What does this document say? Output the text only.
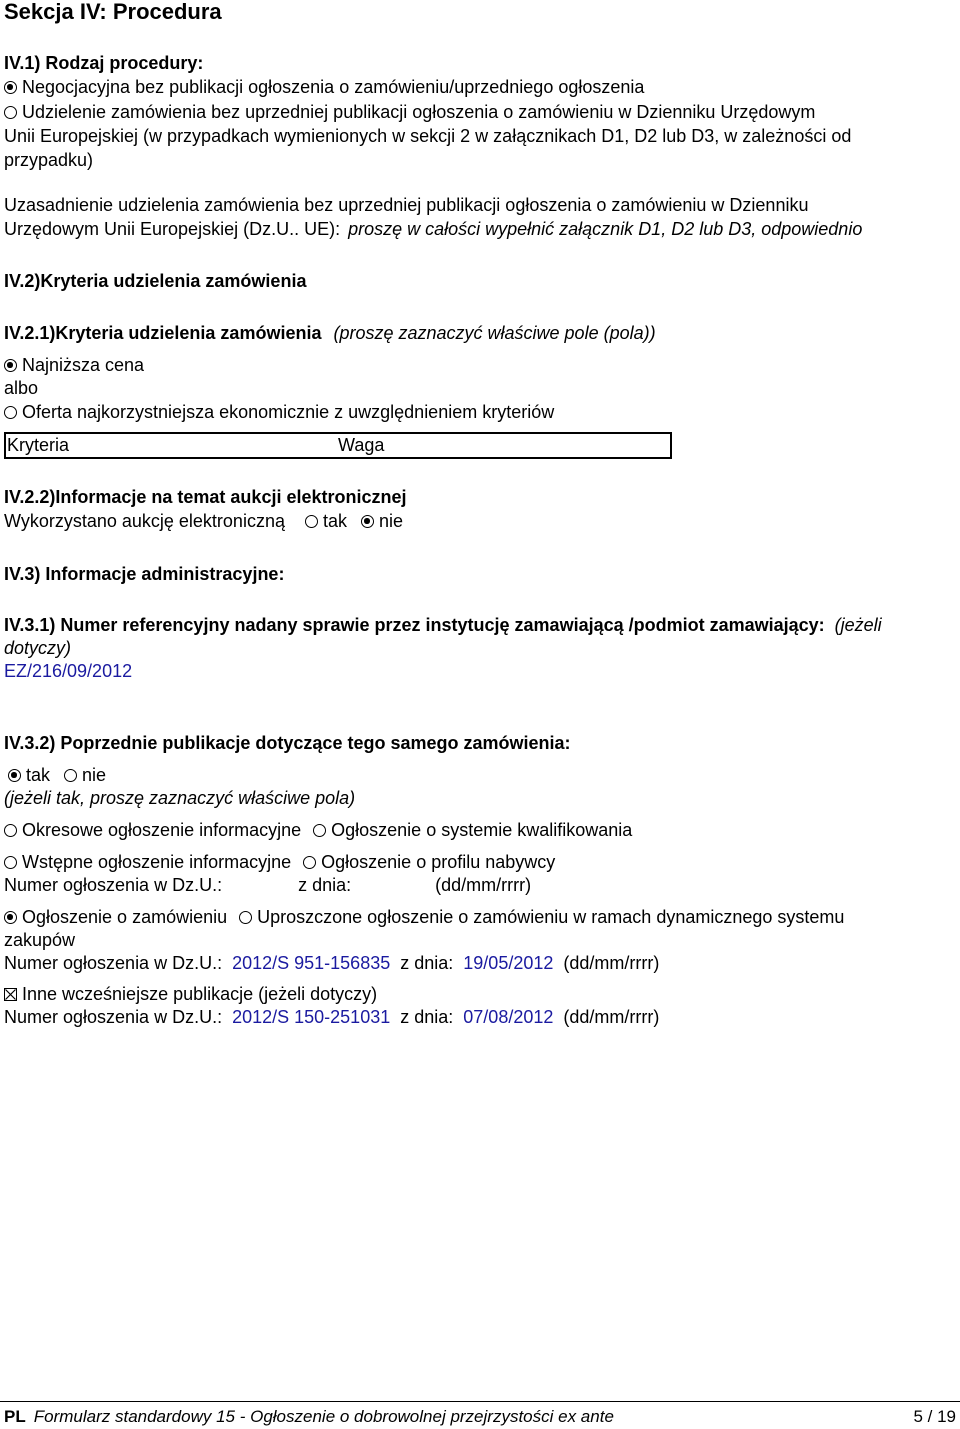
Sekcja IV: Procedura
IV.1) Rodzaj procedury:
Negocjacyjna bez publikacji ogłoszenia o zamówieniu/uprzedniego ogłoszenia
Udzielenie zamówienia bez uprzedniej publikacji ogłoszenia o zamówieniu w Dzienniku Urzędowym
Unii Europejskiej (w przypadkach wymienionych w sekcji 2 w załącznikach D1, D2 lub D3, w zależności od
przypadku)
Uzasadnienie udzielenia zamówienia bez uprzedniej publikacji ogłoszenia o zamówieniu w Dzienniku
Urzędowym Unii Europejskiej (Dz.U.. UE): proszę w całości wypełnić załącznik D1, D2 lub D3, odpowiednio
IV.2)Kryteria udzielenia zamówienia
IV.2.1)Kryteria udzielenia zamówienia (proszę zaznaczyć właściwe pole (pola))
Najniższa cena
albo
Oferta najkorzystniejsza ekonomicznie z uwzględnieniem kryteriów
Kryteria	Waga
IV.2.2)Informacje na temat aukcji elektronicznej
Wykorzystano aukcję elektroniczną tak nie
IV.3) Informacje administracyjne:
IV.3.1) Numer referencyjny nadany sprawie przez instytucję zamawiającą /podmiot zamawiający: (jeżeli
dotyczy)
EZ/216/09/2012
IV.3.2) Poprzednie publikacje dotyczące tego samego zamówienia:
tak nie
(jeżeli tak, proszę zaznaczyć właściwe pola)
Okresowe ogłoszenie informacyjne Ogłoszenie o systemie kwalifikowania
Wstępne ogłoszenie informacyjne Ogłoszenie o profilu nabywcy
Numer ogłoszenia w Dz.U.:	z dnia:	(dd/mm/rrrr)
Ogłoszenie o zamówieniu Uproszczone ogłoszenie o zamówieniu w ramach dynamicznego systemu
zakupów
Numer ogłoszenia w Dz.U.: 2012/S 951-156835 z dnia: 19/05/2012 (dd/mm/rrrr)
Inne wcześniejsze publikacje (jeżeli dotyczy)
Numer ogłoszenia w Dz.U.: 2012/S 150-251031 z dnia: 07/08/2012 (dd/mm/rrrr)
PL Formularz standardowy 15 - Ogłoszenie o dobrowolnej przejrzystości ex ante	5 / 19
